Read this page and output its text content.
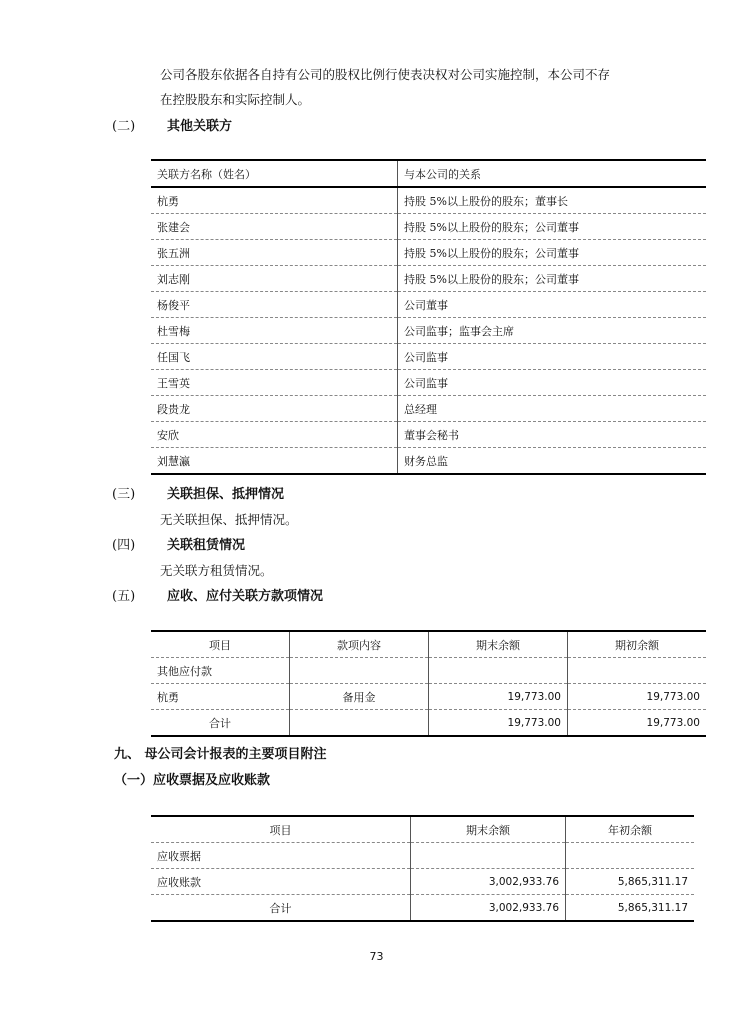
公司各股东依据各自持有公司的股权比例行使表决权对公司实施控制，本公司不存
在控股股东和实际控制人。
(二) 其他关联方
关联方名称（姓名）	与本公司的关系
杭勇	持股 5%以上股份的股东；董事长
张建会	持股 5%以上股份的股东；公司董事
张五洲	持股 5%以上股份的股东；公司董事
刘志刚	持股 5%以上股份的股东；公司董事
杨俊平	公司董事
杜雪梅	公司监事；监事会主席
任国飞	公司监事
王雪英	公司监事
段贵龙	总经理
安欣	董事会秘书
刘慧瀛	财务总监
(三) 关联担保、抵押情况
无关联担保、抵押情况。
(四) 关联租赁情况
无关联方租赁情况。
(五) 应收、应付关联方款项情况
项目	款项内容	期末余额	期初余额
其他应付款			
杭勇	备用金	19,773.00	19,773.00
合计		19,773.00	19,773.00
九、 母公司会计报表的主要项目附注
（一）应收票据及应收账款
项目	期末余额	年初余额
应收票据		
应收账款	3,002,933.76	5,865,311.17
合计	3,002,933.76	5,865,311.17
73
